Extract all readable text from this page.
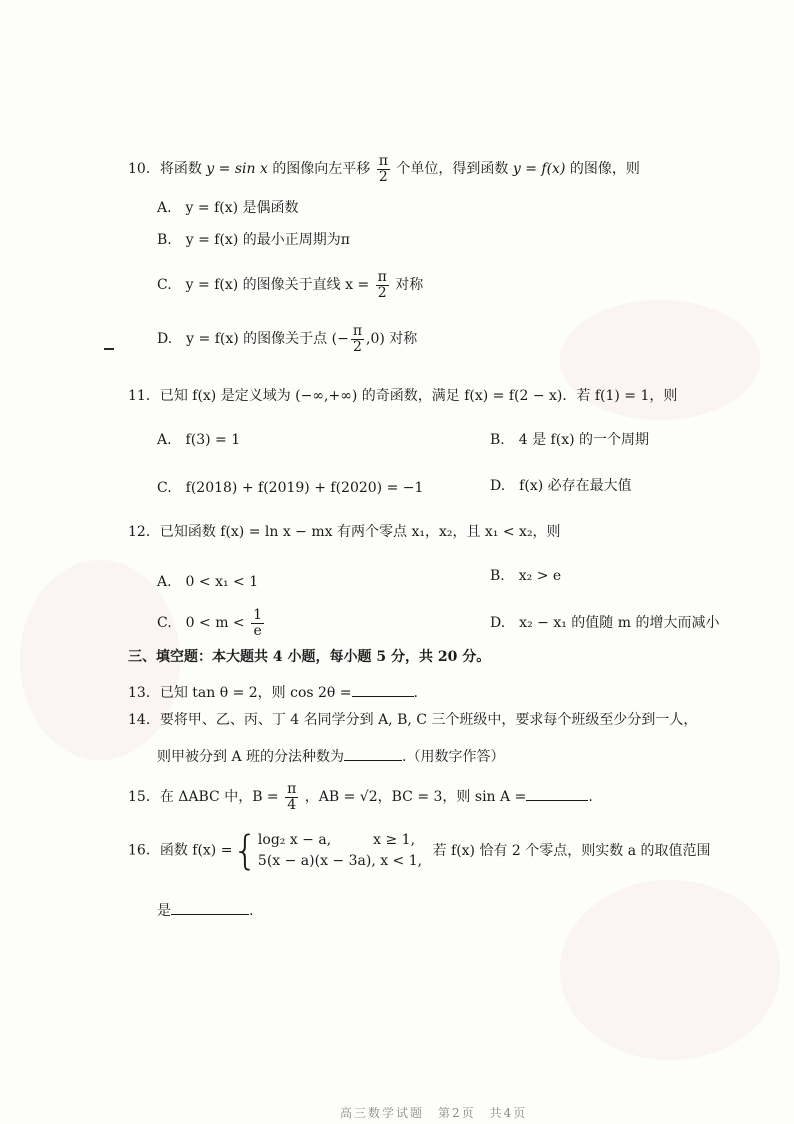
10．将函数 y = sin x 的图像向左平移 $\frac{\pi}{2}$ 个单位，得到函数 y = f(x) 的图像，则
A.　y = f(x) 是偶函数
B.　y = f(x) 的最小正周期为π
C.　y = f(x) 的图像关于直线 $x = \frac{\pi}{2}$ 对称
D.　y = f(x) 的图像关于点 (− $\frac{\pi}{2} ,0$) 对称
11．已知 f(x) 是定义域为 (−∞,+∞) 的奇函数，满足 f(x) = f(2 − x)．若 f(1) = 1，则
A.　f(3) = 1	B.　4 是 f(x) 的一个周期
C.　f(2018) + f(2019) + f(2020) = −1	D.　f(x) 必存在最大值
12．已知函数 f(x) = ln x − mx 有两个零点 x₁，x₂，且 x₁ < x₂，则
A.　0 < x₁ < 1	B.　x₂ > e
C.　$0 < m < \frac{1}{e}$	D.　x₂ − x₁ 的值随 m 的增大而减小
三、填空题：本大题共 4 小题，每小题 5 分，共 20 分。
13．已知 tan θ = 2，则 cos 2θ =	.
14．要将甲、乙、丙、丁 4 名同学分到 A, B, C 三个班级中，要求每个班级至少分到一人，
则甲被分到 A 班的分法种数为	.（用数字作答）
15．在 ΔABC 中，$B = \frac{\pi}{4}$ ，AB = √2，BC = 3，则 sin A =	.
16．函数 f(x) ={ log₂ x − a,　　　x ≥ 1,
5(x − a)(x − 3a), x < 1,
若 f(x) 恰有 2 个零点，则实数 a 的取值范围
是	.
高三数学试题　第2页　共4页
